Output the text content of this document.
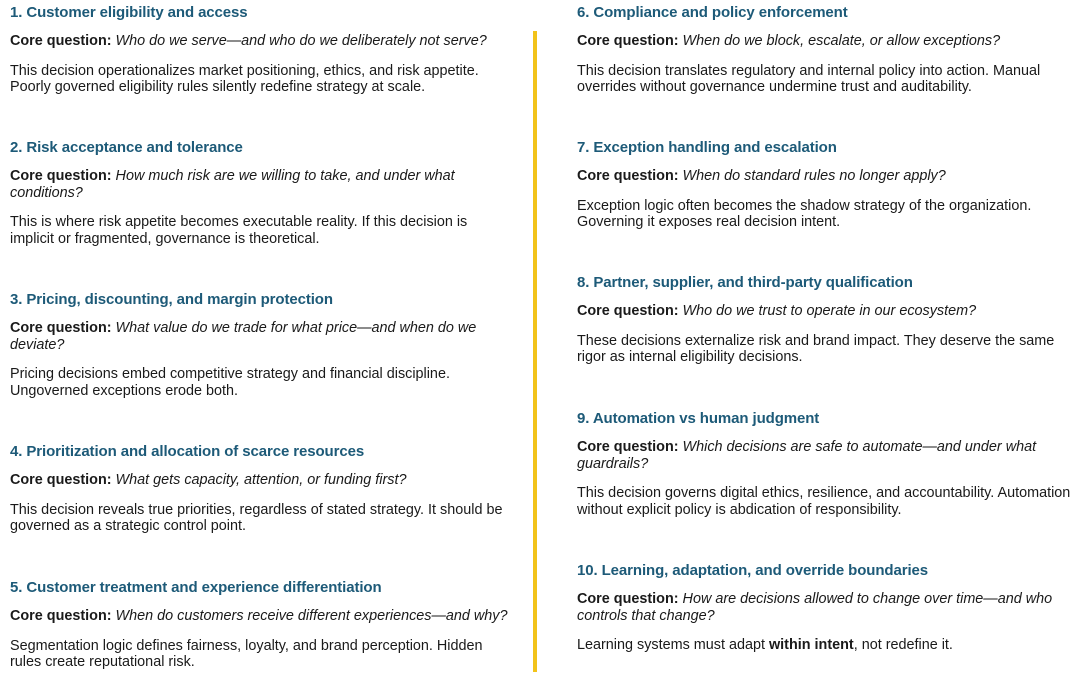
1. Customer eligibility and access

Core question: Who do we serve—and who do we deliberately not serve?

This decision operationalizes market positioning, ethics, and risk appetite. Poorly governed eligibility rules silently redefine strategy at scale.

2. Risk acceptance and tolerance

Core question: How much risk are we willing to take, and under what conditions?

This is where risk appetite becomes executable reality. If this decision is implicit or fragmented, governance is theoretical.

3. Pricing, discounting, and margin protection

Core question: What value do we trade for what price—and when do we deviate?

Pricing decisions embed competitive strategy and financial discipline. Ungoverned exceptions erode both.

4. Prioritization and allocation of scarce resources

Core question: What gets capacity, attention, or funding first?

This decision reveals true priorities, regardless of stated strategy. It should be governed as a strategic control point.

5. Customer treatment and experience differentiation

Core question: When do customers receive different experiences—and why?

Segmentation logic defines fairness, loyalty, and brand perception. Hidden rules create reputational risk.

6. Compliance and policy enforcement

Core question: When do we block, escalate, or allow exceptions?

This decision translates regulatory and internal policy into action. Manual overrides without governance undermine trust and auditability.

7. Exception handling and escalation

Core question: When do standard rules no longer apply?

Exception logic often becomes the shadow strategy of the organization. Governing it exposes real decision intent.

8. Partner, supplier, and third-party qualification

Core question: Who do we trust to operate in our ecosystem?

These decisions externalize risk and brand impact. They deserve the same rigor as internal eligibility decisions.

9. Automation vs human judgment

Core question: Which decisions are safe to automate—and under what guardrails?

This decision governs digital ethics, resilience, and accountability. Automation without explicit policy is abdication of responsibility.

10. Learning, adaptation, and override boundaries

Core question: How are decisions allowed to change over time—and who controls that change?

Learning systems must adapt within intent, not redefine it.
